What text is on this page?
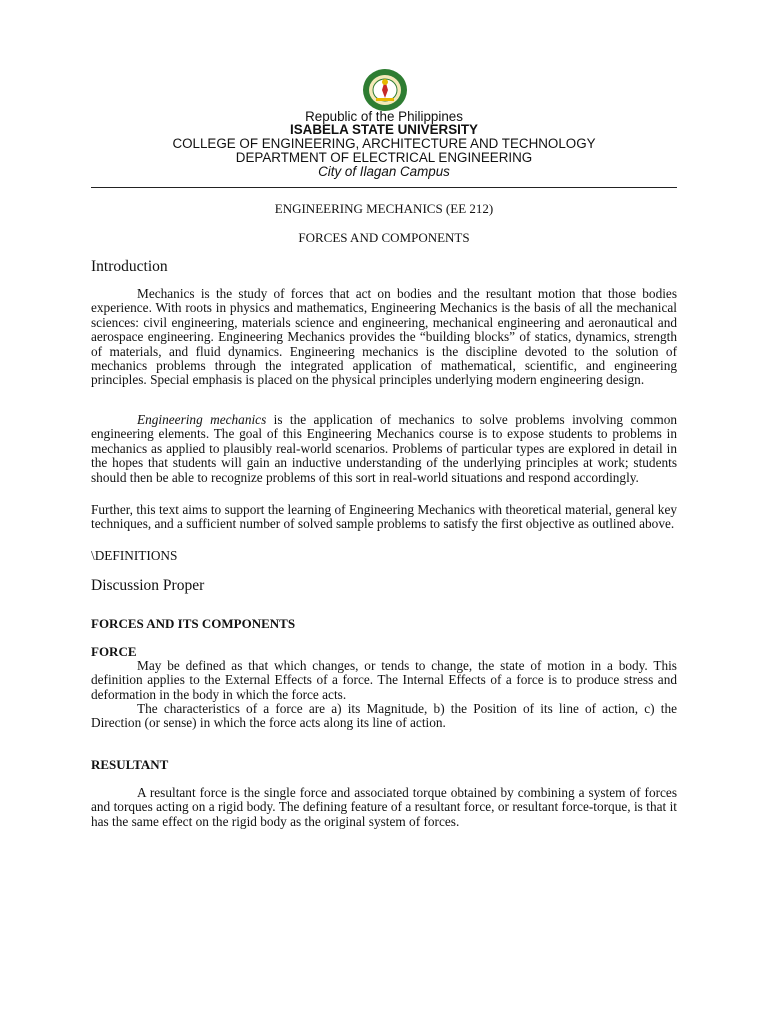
Republic of the Philippines
ISABELA STATE UNIVERSITY
COLLEGE OF ENGINEERING, ARCHITECTURE AND TECHNOLOGY
DEPARTMENT OF ELECTRICAL ENGINEERING
City of Ilagan Campus
ENGINEERING MECHANICS (EE 212)
FORCES AND COMPONENTS
Introduction
Mechanics is the study of forces that act on bodies and the resultant motion that those bodies experience. With roots in physics and mathematics, Engineering Mechanics is the basis of all the mechanical sciences: civil engineering, materials science and engineering, mechanical engineering and aeronautical and aerospace engineering. Engineering Mechanics provides the “building blocks” of statics, dynamics, strength of materials, and fluid dynamics. Engineering mechanics is the discipline devoted to the solution of mechanics problems through the integrated application of mathematical, scientific, and engineering principles. Special emphasis is placed on the physical principles underlying modern engineering design.
Engineering mechanics is the application of mechanics to solve problems involving common engineering elements. The goal of this Engineering Mechanics course is to expose students to problems in mechanics as applied to plausibly real-world scenarios. Problems of particular types are explored in detail in the hopes that students will gain an inductive understanding of the underlying principles at work; students should then be able to recognize problems of this sort in real-world situations and respond accordingly.
Further, this text aims to support the learning of Engineering Mechanics with theoretical material, general key techniques, and a sufficient number of solved sample problems to satisfy the first objective as outlined above.
\DEFINITIONS
Discussion Proper
FORCES AND ITS COMPONENTS
FORCE
May be defined as that which changes, or tends to change, the state of motion in a body. This definition applies to the External Effects of a force. The Internal Effects of a force is to produce stress and deformation in the body in which the force acts.
The characteristics of a force are a) its Magnitude, b) the Position of its line of action, c) the Direction (or sense) in which the force acts along its line of action.
RESULTANT
A resultant force is the single force and associated torque obtained by combining a system of forces and torques acting on a rigid body. The defining feature of a resultant force, or resultant force-torque, is that it has the same effect on the rigid body as the original system of forces.
